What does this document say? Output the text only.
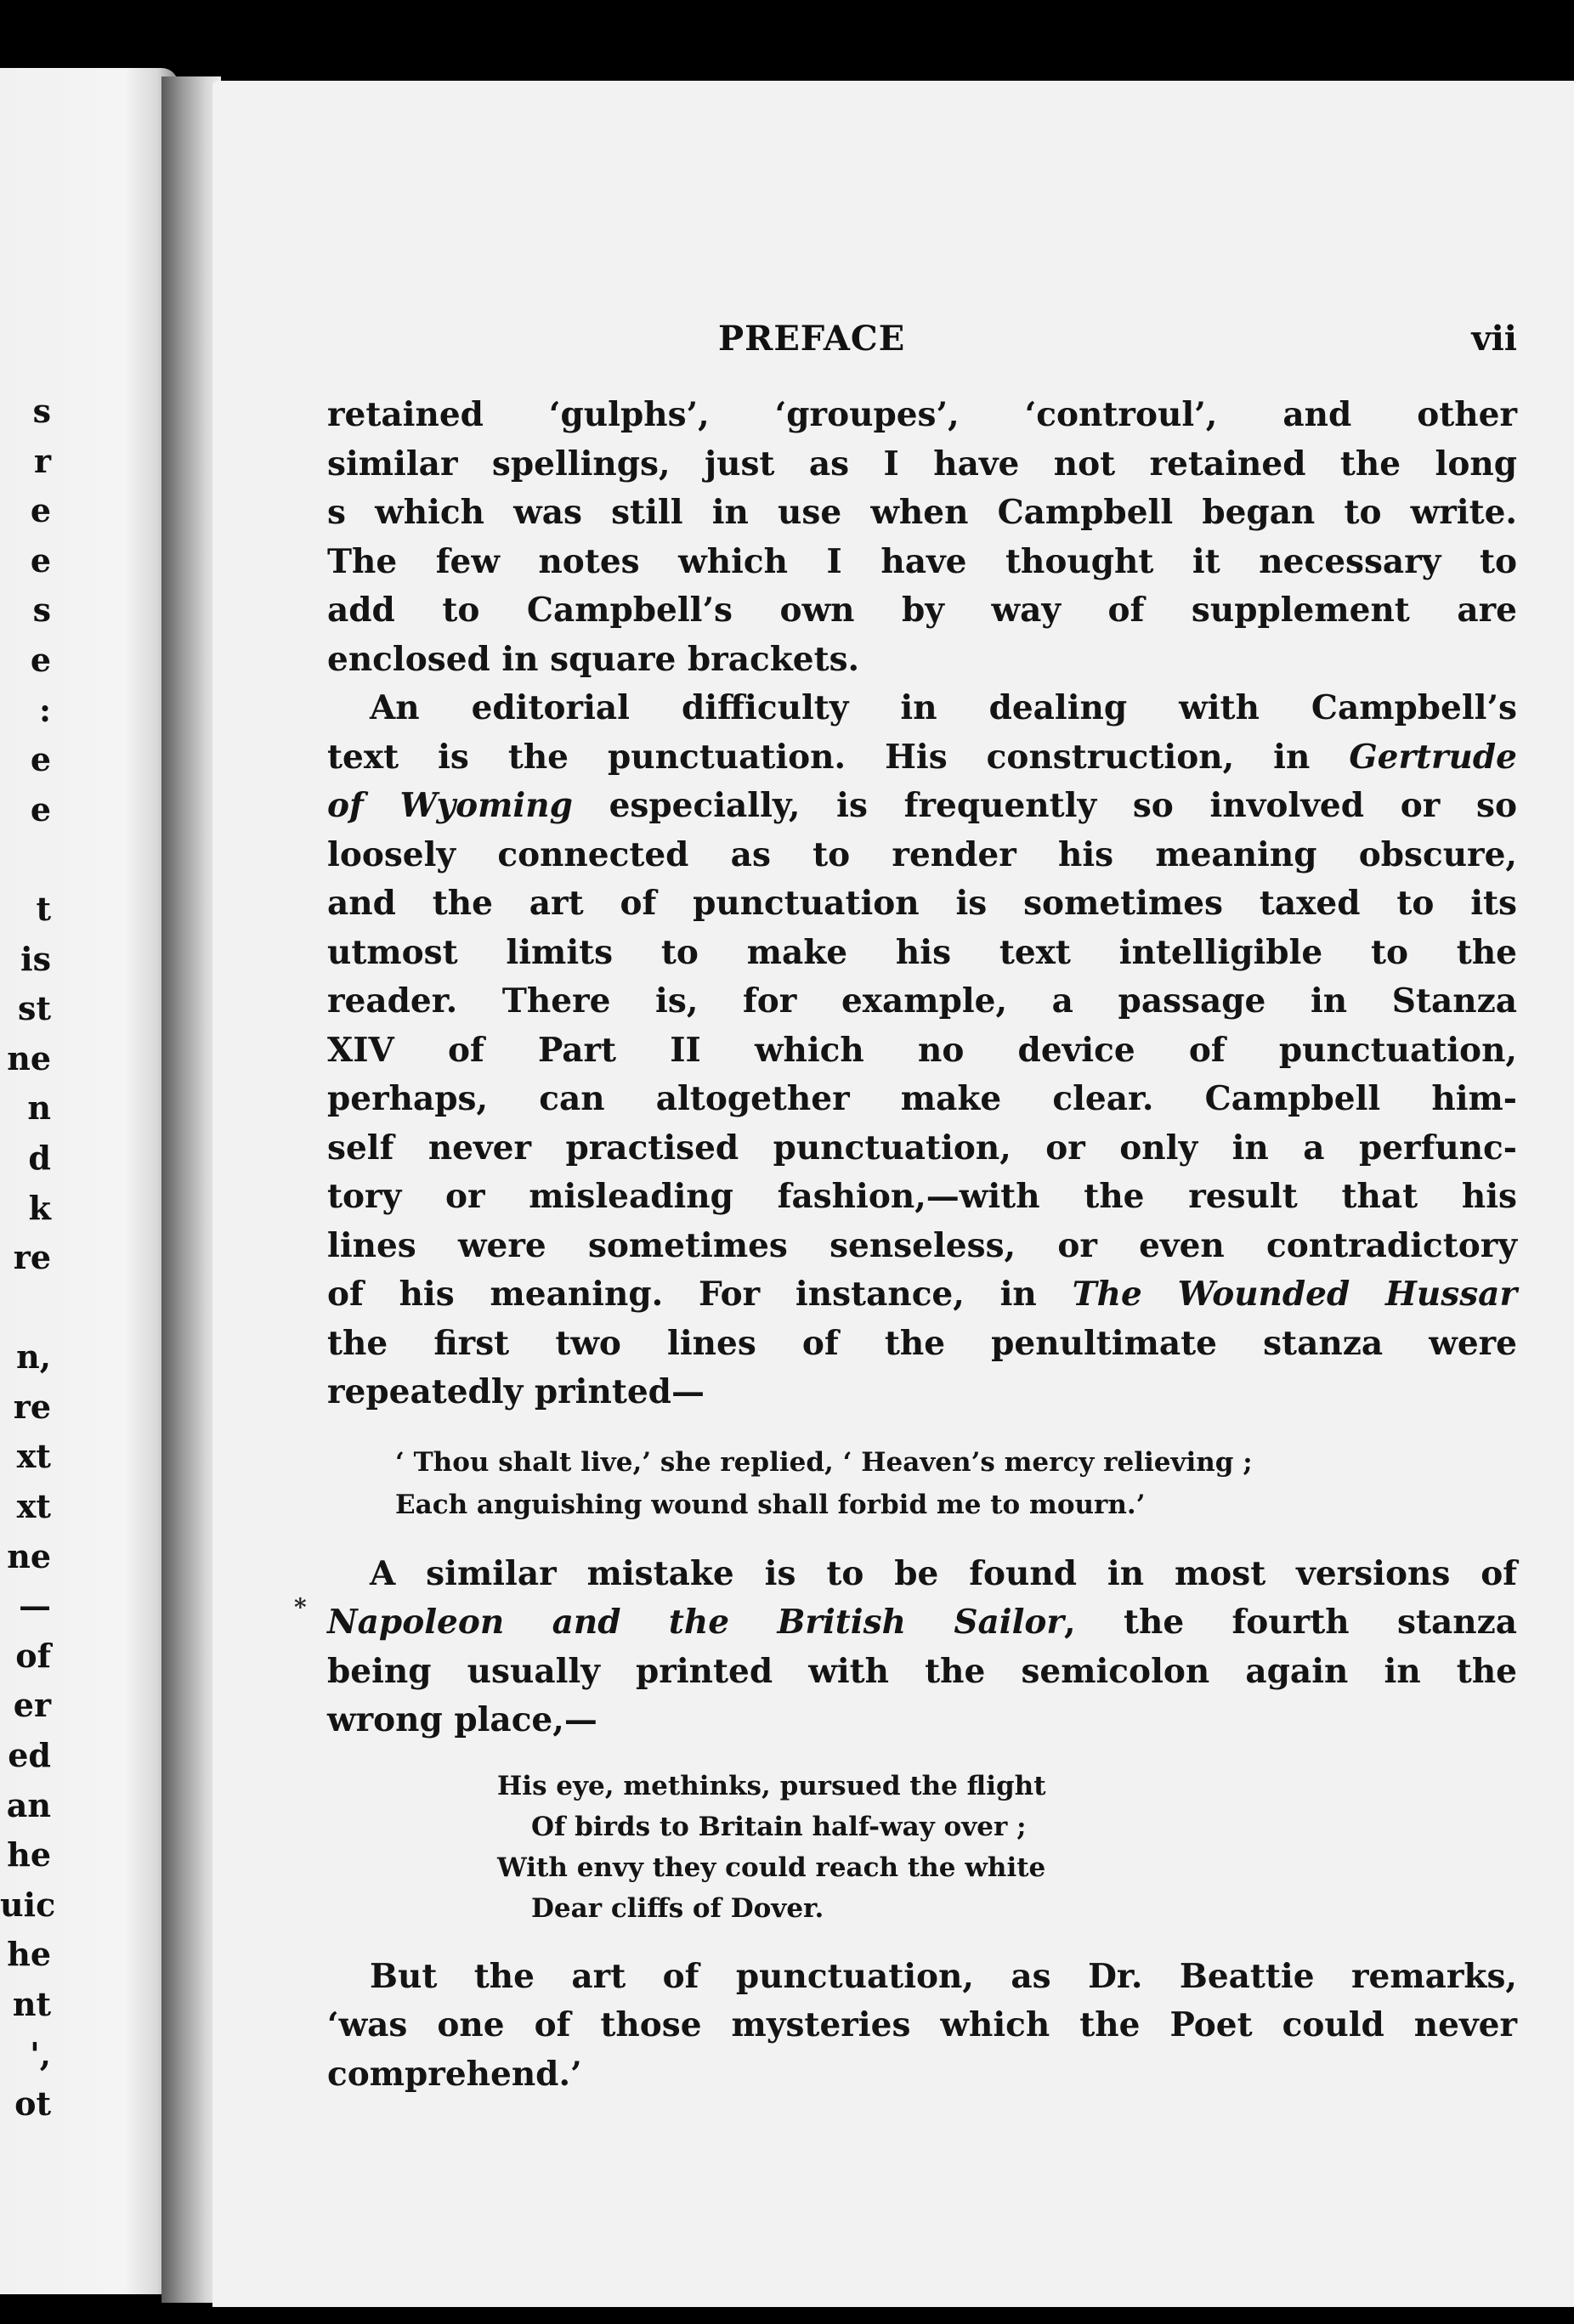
s
r
e
e
s
e
:
e
e

t
is
st
ne
n
d
k
re

n,
re
xt
xt
ne
—
of
er
ed
an
he
uic
he
nt
',
ot
PREFACE	vii
*

retained ‘gulphs’, ‘groupes’, ‘controul’, and other
similar spellings, just as I have not retained the long
s which was still in use when Campbell began to write.
The few notes which I have thought it necessary to
add to Campbell’s own by way of supplement are
enclosed in square brackets.

An editorial difficulty in dealing with Campbell’s
text is the punctuation. His construction, in Gertrude
of Wyoming especially, is frequently so involved or so
loosely connected as to render his meaning obscure,
and the art of punctuation is sometimes taxed to its
utmost limits to make his text intelligible to the
reader. There is, for example, a passage in Stanza
XIV of Part II which no device of punctuation,
perhaps, can altogether make clear. Campbell him-
self never practised punctuation, or only in a perfunc-
tory or misleading fashion,—with the result that his
lines were sometimes senseless, or even contradictory
of his meaning. For instance, in The Wounded Hussar
the first two lines of the penultimate stanza were
repeatedly printed—

‘ Thou shalt live,’ she replied, ‘ Heaven’s mercy relieving ;
Each anguishing wound shall forbid me to mourn.’

A similar mistake is to be found in most versions of
Napoleon and the British Sailor, the fourth stanza
being usually printed with the semicolon again in the
wrong place,—

His eye, methinks, pursued the flight
Of birds to Britain half-way over ;
With envy they could reach the white
Dear cliffs of Dover.

But the art of punctuation, as Dr. Beattie remarks,
‘was one of those mysteries which the Poet could never
comprehend.’
